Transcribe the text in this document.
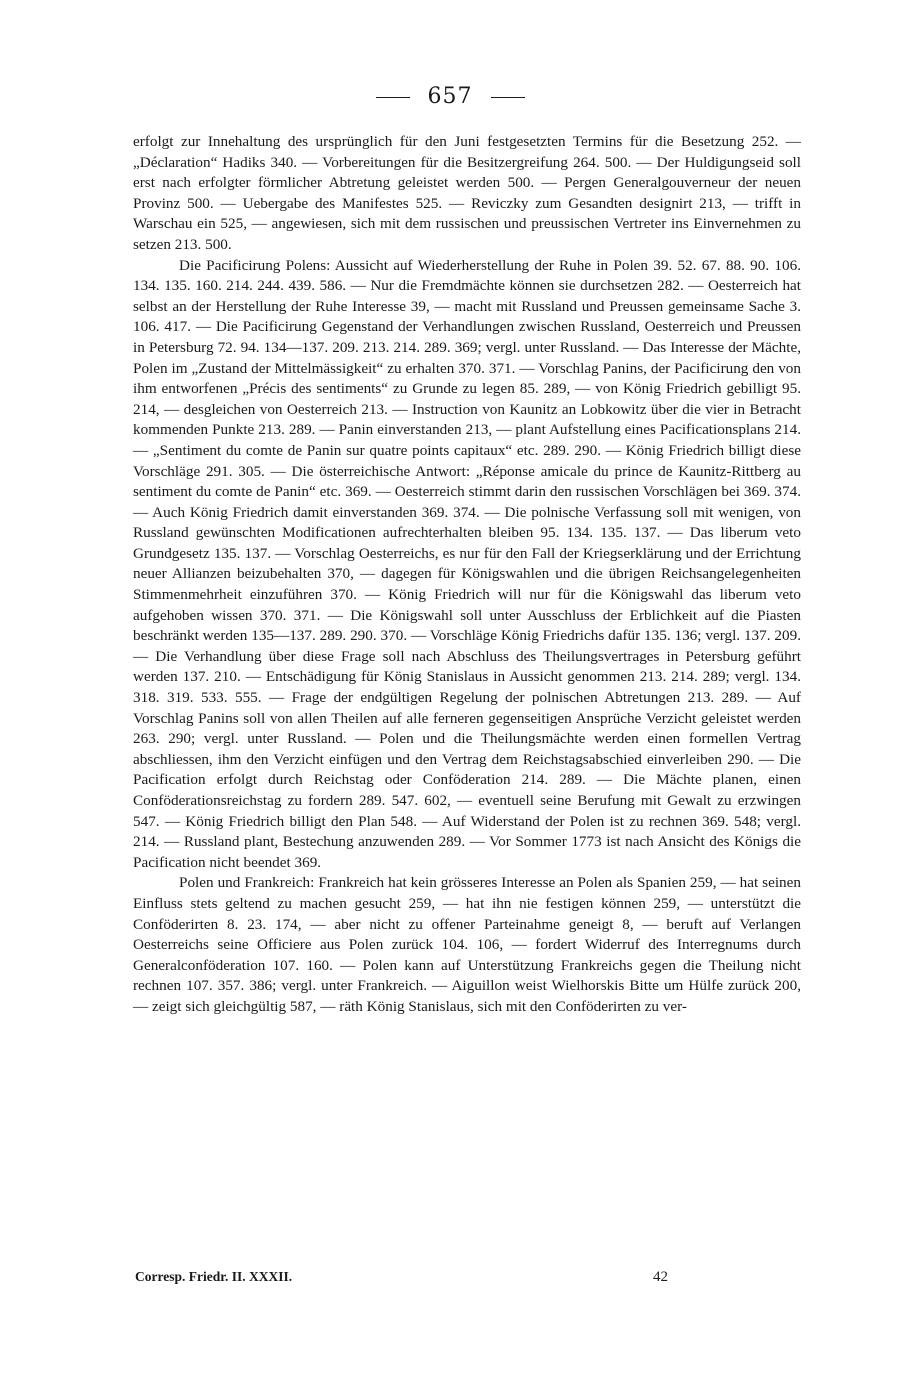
657

erfolgt zur Innehaltung des ursprünglich für den Juni festgesetzten Termins für die Besetzung 252. — „Déclaration“ Hadiks 340. — Vorbereitungen für die Besitzergreifung 264. 500. — Der Huldigungseid soll erst nach erfolgter förmlicher Abtretung geleistet werden 500. — Pergen Generalgouverneur der neuen Provinz 500. — Uebergabe des Manifestes 525. — Reviczky zum Gesandten designirt 213, — trifft in Warschau ein 525, — angewiesen, sich mit dem russischen und preussischen Vertreter ins Einvernehmen zu setzen 213. 500.

Die Pacificirung Polens: Aussicht auf Wiederherstellung der Ruhe in Polen 39. 52. 67. 88. 90. 106. 134. 135. 160. 214. 244. 439. 586. — Nur die Fremdmächte können sie durchsetzen 282. — Oesterreich hat selbst an der Herstellung der Ruhe Interesse 39, — macht mit Russland und Preussen gemeinsame Sache 3. 106. 417. — Die Pacificirung Gegenstand der Verhandlungen zwischen Russland, Oesterreich und Preussen in Petersburg 72. 94. 134—137. 209. 213. 214. 289. 369; vergl. unter Russland. — Das Interesse der Mächte, Polen im „Zustand der Mittelmässigkeit“ zu erhalten 370. 371. — Vorschlag Panins, der Pacificirung den von ihm entworfenen „Précis des sentiments“ zu Grunde zu legen 85. 289, — von König Friedrich gebilligt 95. 214, — desgleichen von Oesterreich 213. — Instruction von Kaunitz an Lobkowitz über die vier in Betracht kommenden Punkte 213. 289. — Panin einverstanden 213, — plant Aufstellung eines Pacificationsplans 214. — „Sentiment du comte de Panin sur quatre points capitaux“ etc. 289. 290. — König Friedrich billigt diese Vorschläge 291. 305. — Die österreichische Antwort: „Réponse amicale du prince de Kaunitz-Rittberg au sentiment du comte de Panin“ etc. 369. — Oesterreich stimmt darin den russischen Vorschlägen bei 369. 374. — Auch König Friedrich damit einverstanden 369. 374. — Die polnische Verfassung soll mit wenigen, von Russland gewünschten Modificationen aufrechterhalten bleiben 95. 134. 135. 137. — Das liberum veto Grundgesetz 135. 137. — Vorschlag Oesterreichs, es nur für den Fall der Kriegserklärung und der Errichtung neuer Allianzen beizubehalten 370, — dagegen für Königswahlen und die übrigen Reichsangelegenheiten Stimmenmehrheit einzuführen 370. — König Friedrich will nur für die Königswahl das liberum veto aufgehoben wissen 370. 371. — Die Königswahl soll unter Ausschluss der Erblichkeit auf die Piasten beschränkt werden 135—137. 289. 290. 370. — Vorschläge König Friedrichs dafür 135. 136; vergl. 137. 209. — Die Verhandlung über diese Frage soll nach Abschluss des Theilungsvertrages in Petersburg geführt werden 137. 210. — Entschädigung für König Stanislaus in Aussicht genommen 213. 214. 289; vergl. 134. 318. 319. 533. 555. — Frage der endgültigen Regelung der polnischen Abtretungen 213. 289. — Auf Vorschlag Panins soll von allen Theilen auf alle ferneren gegenseitigen Ansprüche Verzicht geleistet werden 263. 290; vergl. unter Russland. — Polen und die Theilungsmächte werden einen formellen Vertrag abschliessen, ihm den Verzicht einfügen und den Vertrag dem Reichstagsabschied einverleiben 290. — Die Pacification erfolgt durch Reichstag oder Conföderation 214. 289. — Die Mächte planen, einen Conföderationsreichstag zu fordern 289. 547. 602, — eventuell seine Berufung mit Gewalt zu erzwingen 547. — König Friedrich billigt den Plan 548. — Auf Widerstand der Polen ist zu rechnen 369. 548; vergl. 214. — Russland plant, Bestechung anzuwenden 289. — Vor Sommer 1773 ist nach Ansicht des Königs die Pacification nicht beendet 369.

Polen und Frankreich: Frankreich hat kein grösseres Interesse an Polen als Spanien 259, — hat seinen Einfluss stets geltend zu machen gesucht 259, — hat ihn nie festigen können 259, — unterstützt die Conföderirten 8. 23. 174, — aber nicht zu offener Parteinahme geneigt 8, — beruft auf Verlangen Oesterreichs seine Officiere aus Polen zurück 104. 106, — fordert Widerruf des Interregnums durch Generalconföderation 107. 160. — Polen kann auf Unterstützung Frankreichs gegen die Theilung nicht rechnen 107. 357. 386; vergl. unter Frankreich. — Aiguillon weist Wielhorskis Bitte um Hülfe zurück 200, — zeigt sich gleichgültig 587, — räth König Stanislaus, sich mit den Conföderirten zu ver-

Corresp. Friedr. II. XXXII.	42
